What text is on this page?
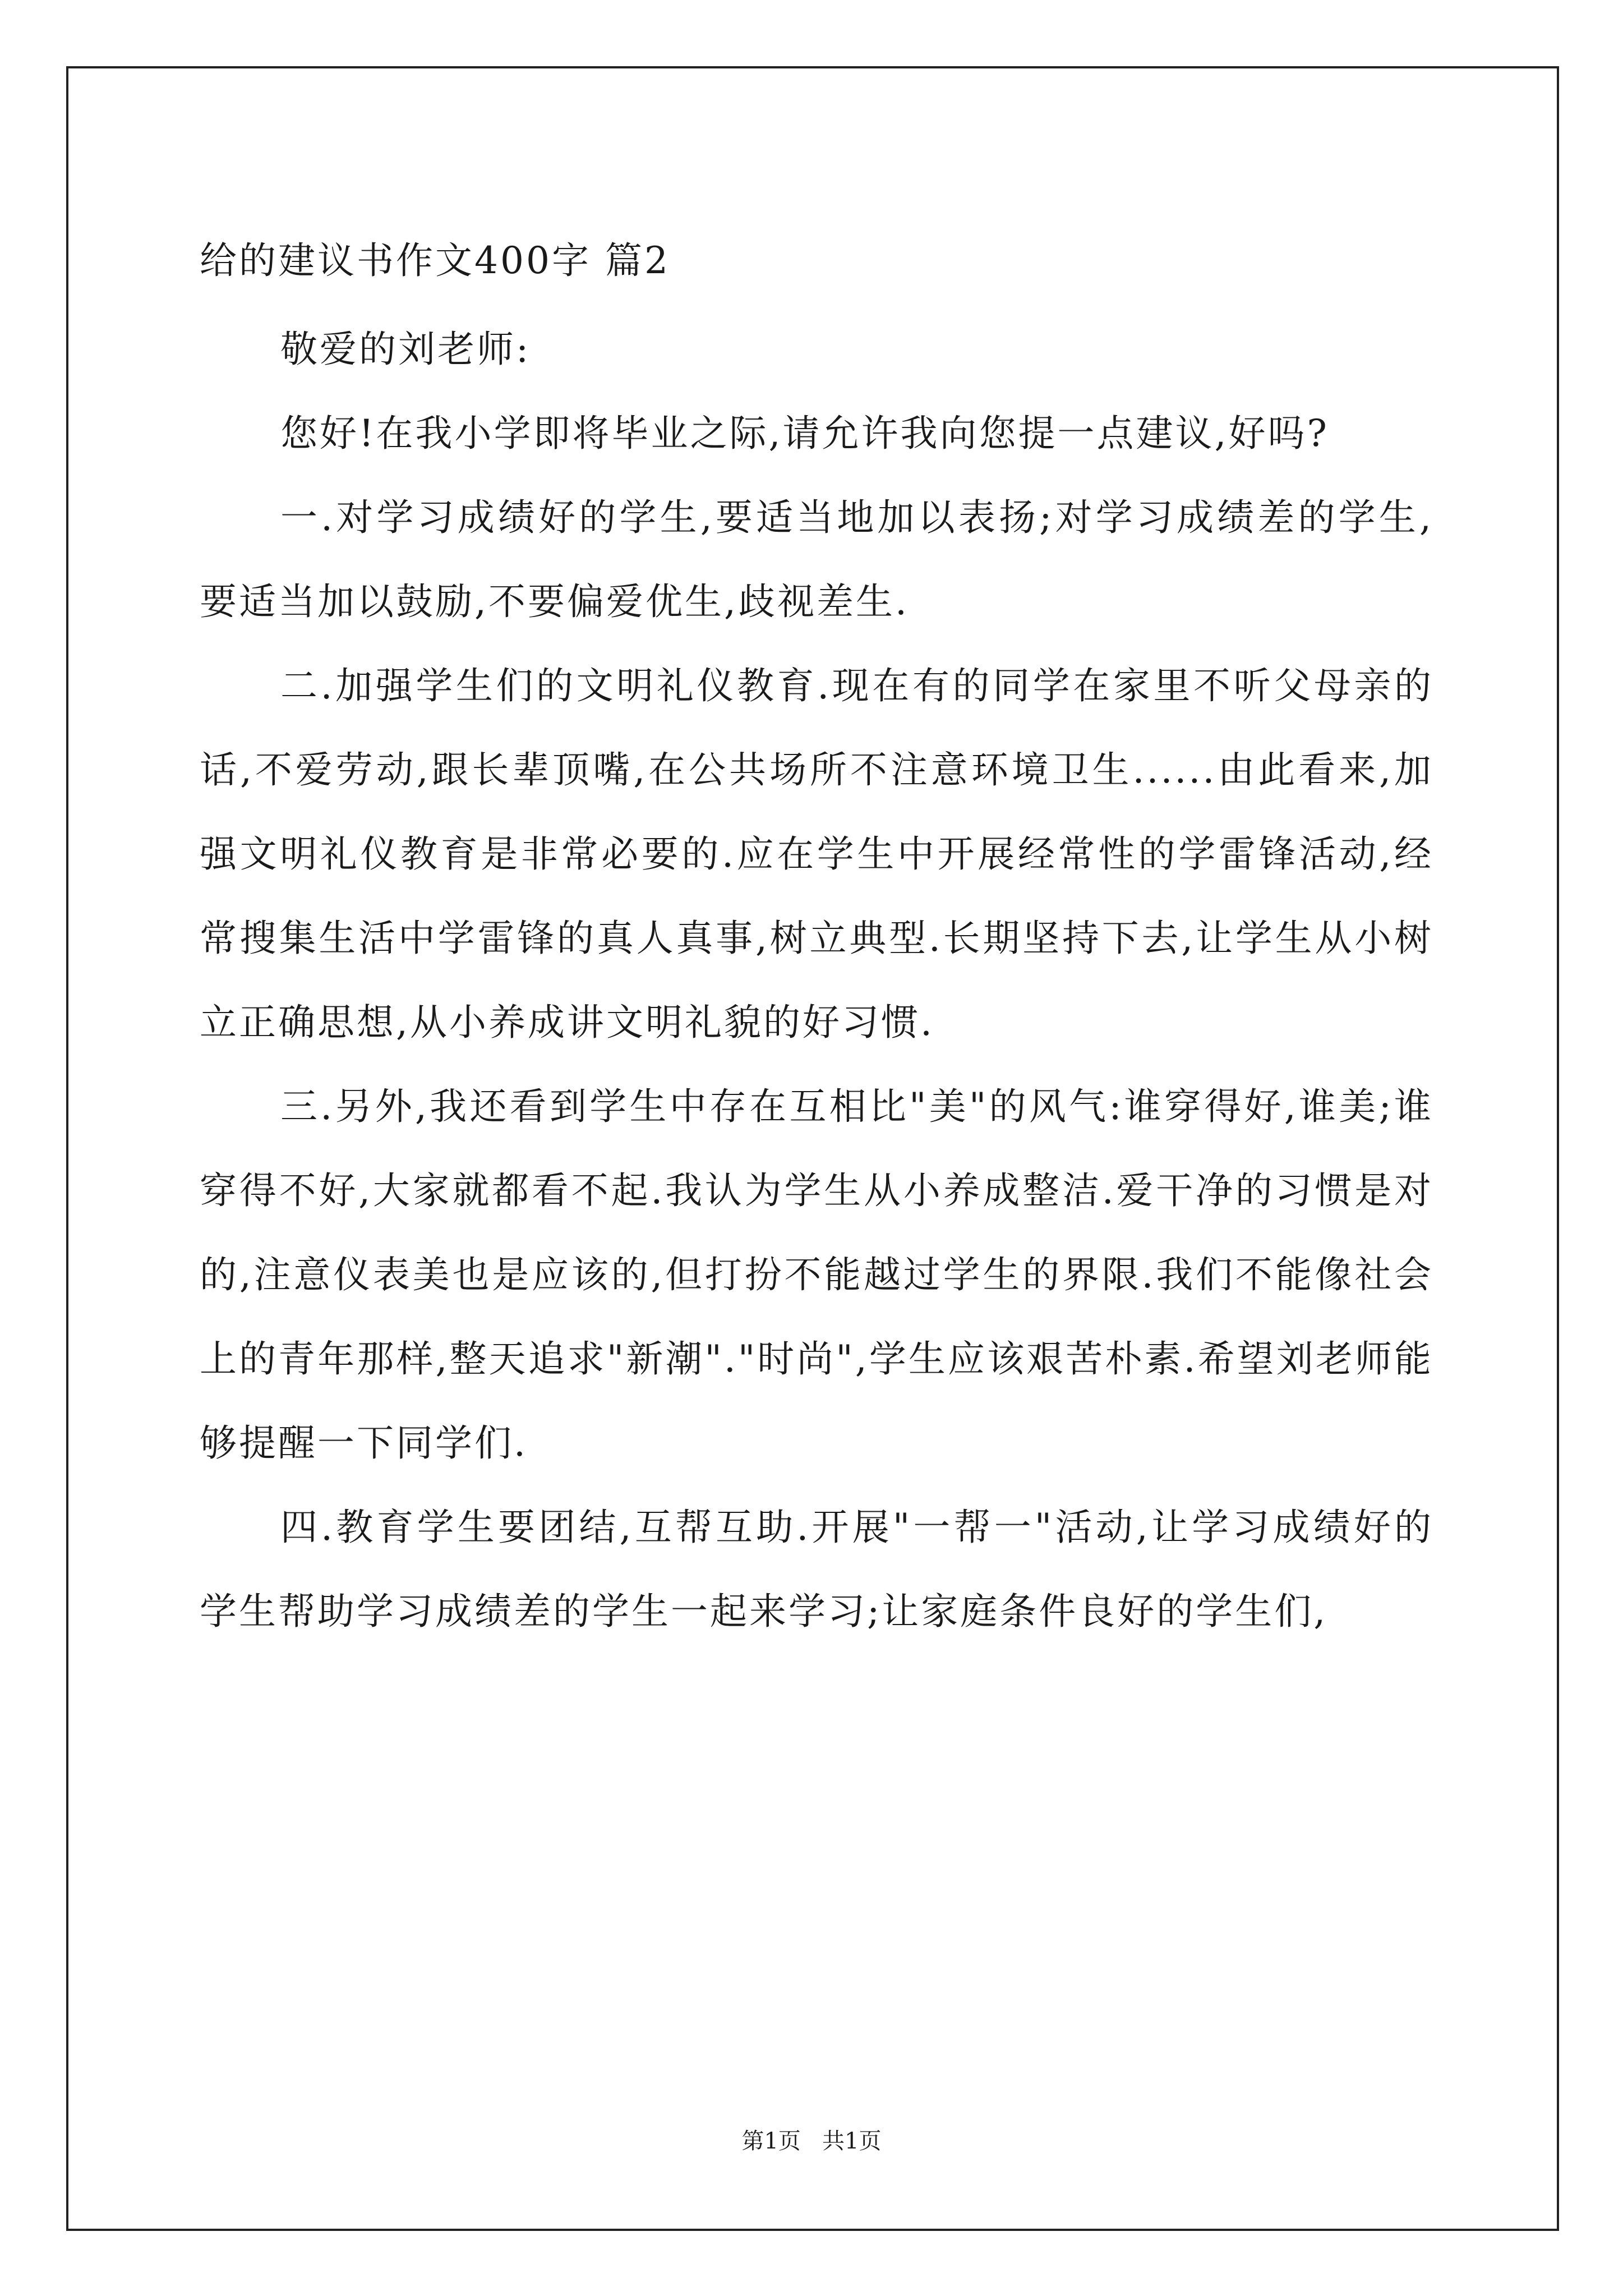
给的建议书作文400字 篇2

敬爱的刘老师:

您好!在我小学即将毕业之际,请允许我向您提一点建议,好吗?

一.对学习成绩好的学生,要适当地加以表扬;对学习成绩差的学生,要适当加以鼓励,不要偏爱优生,歧视差生.

二.加强学生们的文明礼仪教育.现在有的同学在家里不听父母亲的话,不爱劳动,跟长辈顶嘴,在公共场所不注意环境卫生......由此看来,加强文明礼仪教育是非常必要的.应在学生中开展经常性的学雷锋活动,经常搜集生活中学雷锋的真人真事,树立典型.长期坚持下去,让学生从小树立正确思想,从小养成讲文明礼貌的好习惯.

三.另外,我还看到学生中存在互相比"美"的风气:谁穿得好,谁美;谁穿得不好,大家就都看不起.我认为学生从小养成整洁.爱干净的习惯是对的,注意仪表美也是应该的,但打扮不能越过学生的界限.我们不能像社会上的青年那样,整天追求"新潮"."时尚",学生应该艰苦朴素.希望刘老师能够提醒一下同学们.

四.教育学生要团结,互帮互助.开展"一帮一"活动,让学习成绩好的学生帮助学习成绩差的学生一起来学习;让家庭条件良好的学生们,

第1页   共1页
